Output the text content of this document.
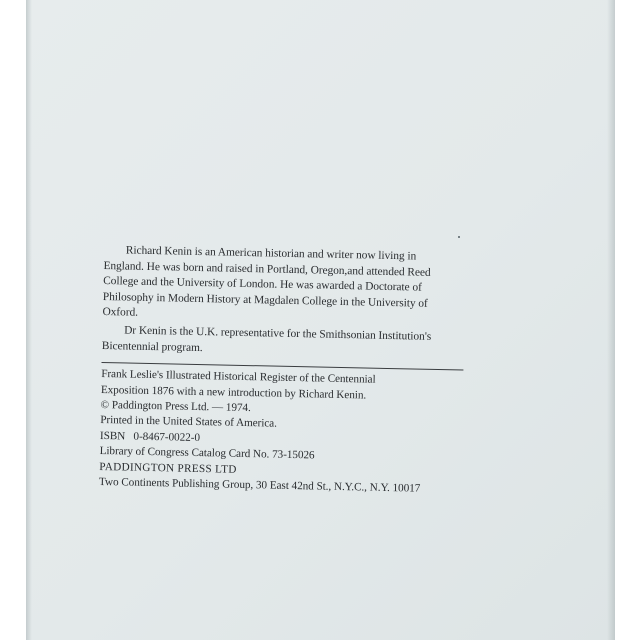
Richard Kenin is an American historian and writer now living in
England. He was born and raised in Portland, Oregon,and attended Reed
College and the University of London. He was awarded a Doctorate of
Philosophy in Modern History at Magdalen College in the University of
Oxford.

Dr Kenin is the U.K. representative for the Smithsonian Institution's
Bicentennial program.

Frank Leslie's Illustrated Historical Register of the Centennial

Exposition 1876 with a new introduction by Richard Kenin.

© Paddington Press Ltd. — 1974.

Printed in the United States of America.

ISBN   0-8467-0022-0

Library of Congress Catalog Card No. 73-15026

PADDINGTON PRESS LTD

Two Continents Publishing Group, 30 East 42nd St., N.Y.C., N.Y. 10017
